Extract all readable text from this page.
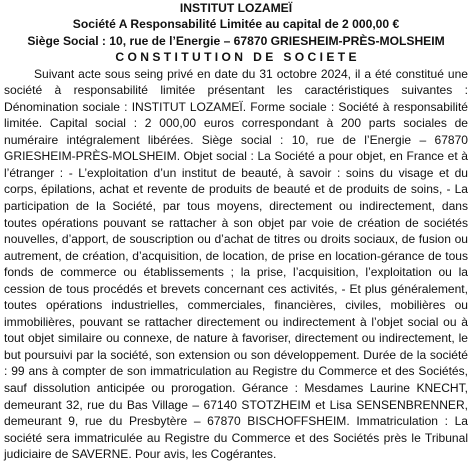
INSTITUT LOZAMEÏ
Société A Responsabilité Limitée au capital de 2 000,00 €
Siège Social : 10, rue de l’Energie – 67870 GRIESHEIM-PRÈS-MOLSHEIM
C O N S T I T U T I O N   D E   S O C I E T E

Suivant acte sous seing privé en date du 31 octobre 2024, il a été constitué une société à responsabilité limitée présentant les caractéristiques suivantes : Dénomination sociale : INSTITUT LOZAMEÏ. Forme sociale : Société à responsabilité limitée. Capital social : 2 000,00 euros correspondant à 200 parts sociales de numéraire intégralement libérées. Siège social : 10, rue de l’Energie – 67870 GRIESHEIM-PRÈS-MOLSHEIM. Objet social : La Société a pour objet, en France et à l’étranger : - L’exploitation d’un institut de beauté, à savoir : soins du visage et du corps, épilations, achat et revente de produits de beauté et de produits de soins, - La participation de la Société, par tous moyens, directement ou indirectement, dans toutes opérations pouvant se rattacher à son objet par voie de création de sociétés nouvelles, d’apport, de souscription ou d’achat de titres ou droits sociaux, de fusion ou autrement, de création, d’acquisition, de location, de prise en location-gérance de tous fonds de commerce ou établissements ; la prise, l’acquisition, l’exploitation ou la cession de tous procédés et brevets concernant ces activités, - Et plus généralement, toutes opérations industrielles, commerciales, financières, civiles, mobilières ou immobilières, pouvant se rattacher directement ou indirectement à l’objet social ou à tout objet similaire ou connexe, de nature à favoriser, directement ou indirectement, le but poursuivi par la société, son extension ou son développement. Durée de la société : 99 ans à compter de son immatriculation au Registre du Commerce et des Sociétés, sauf dissolution anticipée ou prorogation. Gérance : Mesdames Laurine KNECHT, demeurant 32, rue du Bas Village – 67140 STOTZHEIM et Lisa SENSENBRENNER, demeurant 9, rue du Presbytère – 67870 BISCHOFFSHEIM. Immatriculation : La société sera immatriculée au Registre du Commerce et des Sociétés près le Tribunal judiciaire de SAVERNE. Pour avis, les Cogérantes.
